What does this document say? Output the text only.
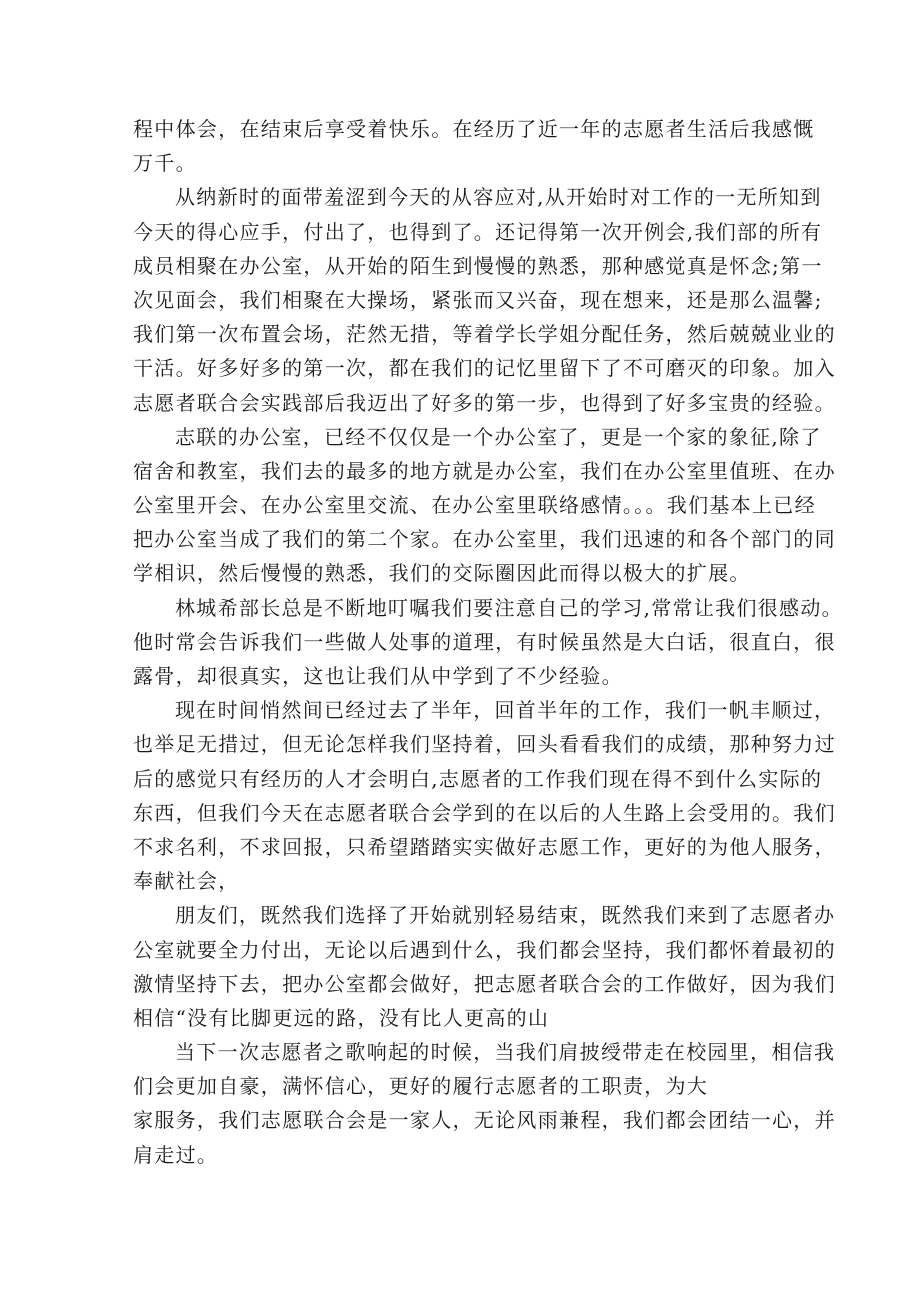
程中体会，在结束后享受着快乐。在经历了近一年的志愿者生活后我感慨
万千。
从纳新时的面带羞涩到今天的从容应对,从开始时对工作的一无所知到
今天的得心应手，付出了，也得到了。还记得第一次开例会,我们部的所有
成员相聚在办公室，从开始的陌生到慢慢的熟悉，那种感觉真是怀念;第一
次见面会，我们相聚在大操场，紧张而又兴奋，现在想来，还是那么温馨;
我们第一次布置会场，茫然无措，等着学长学姐分配任务，然后兢兢业业的
干活。好多好多的第一次，都在我们的记忆里留下了不可磨灭的印象。加入
志愿者联合会实践部后我迈出了好多的第一步，也得到了好多宝贵的经验。
志联的办公室，已经不仅仅是一个办公室了，更是一个家的象征,除了
宿舍和教室，我们去的最多的地方就是办公室，我们在办公室里值班、在办
公室里开会、在办公室里交流、在办公室里联络感情。。。我们基本上已经
把办公室当成了我们的第二个家。在办公室里，我们迅速的和各个部门的同
学相识，然后慢慢的熟悉，我们的交际圈因此而得以极大的扩展。
林城希部长总是不断地叮嘱我们要注意自己的学习,常常让我们很感动。
他时常会告诉我们一些做人处事的道理，有时候虽然是大白话，很直白，很
露骨，却很真实，这也让我们从中学到了不少经验。
现在时间悄然间已经过去了半年，回首半年的工作，我们一帆丰顺过，
也举足无措过，但无论怎样我们坚持着，回头看看我们的成绩，那种努力过
后的感觉只有经历的人才会明白,志愿者的工作我们现在得不到什么实际的
东西，但我们今天在志愿者联合会学到的在以后的人生路上会受用的。我们
不求名利，不求回报，只希望踏踏实实做好志愿工作，更好的为他人服务，
奉献社会，
朋友们，既然我们选择了开始就别轻易结束，既然我们来到了志愿者办
公室就要全力付出，无论以后遇到什么，我们都会坚持，我们都怀着最初的
激情坚持下去，把办公室都会做好，把志愿者联合会的工作做好，因为我们
相信“没有比脚更远的路，没有比人更高的山
当下一次志愿者之歌响起的时候，当我们肩披绶带走在校园里，相信我
们会更加自豪，满怀信心，更好的履行志愿者的工职责，为大
家服务，我们志愿联合会是一家人，无论风雨兼程，我们都会团结一心，并
肩走过。
